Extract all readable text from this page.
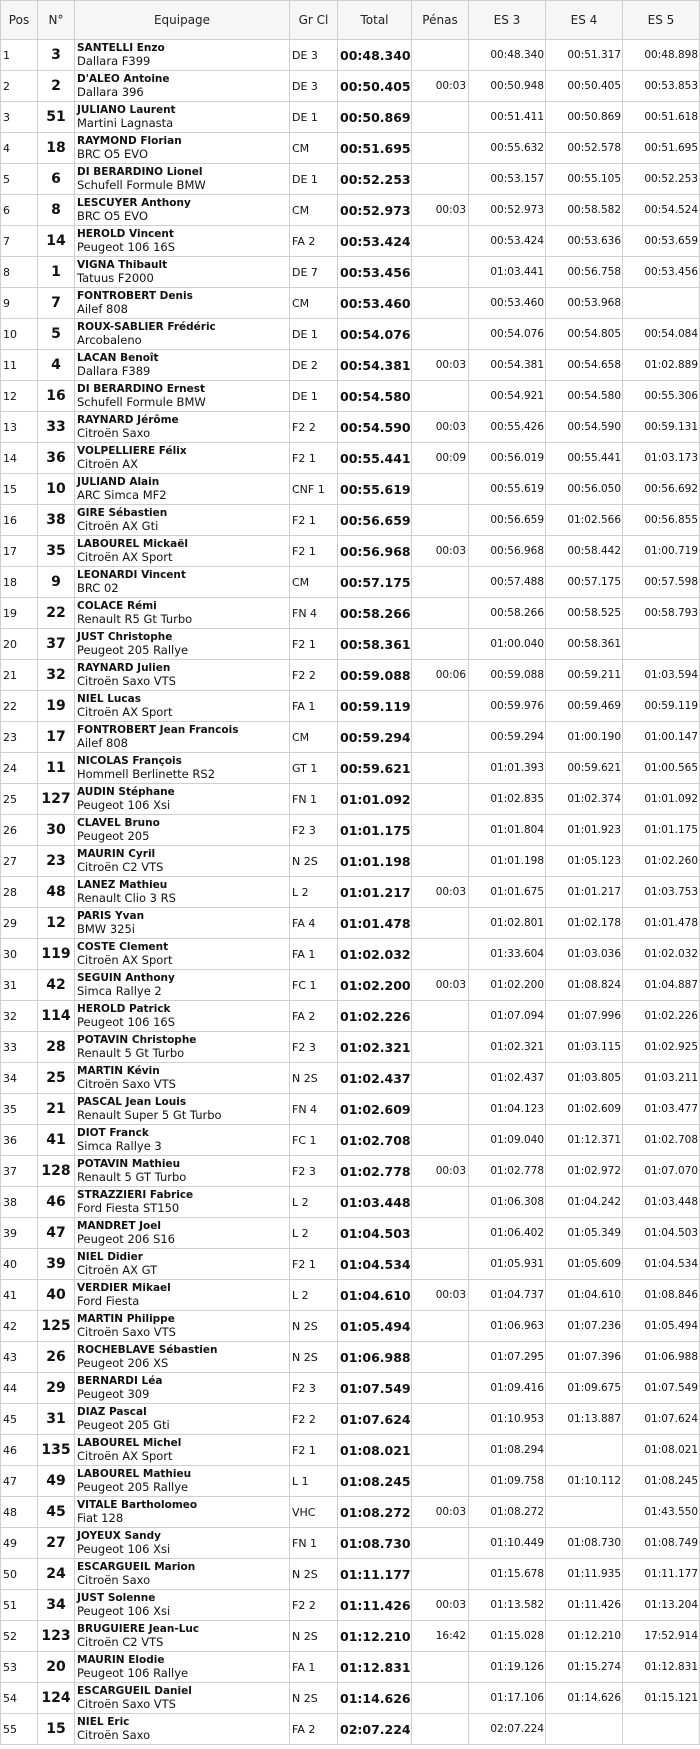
Pos	N°	Equipage	Gr Cl	Total	Pénas	ES 3	ES 4	ES 5
1	3	SANTELLI Enzo
Dallara F399	DE 3	00:48.340		00:48.340	00:51.317	00:48.898
2	2	D'ALEO Antoine
Dallara 396	DE 3	00:50.405	00:03	00:50.948	00:50.405	00:53.853
3	51	JULIANO Laurent
Martini Lagnasta	DE 1	00:50.869		00:51.411	00:50.869	00:51.618
4	18	RAYMOND Florian
BRC O5 EVO	CM	00:51.695		00:55.632	00:52.578	00:51.695
5	6	DI BERARDINO Lionel
Schufell Formule BMW	DE 1	00:52.253		00:53.157	00:55.105	00:52.253
6	8	LESCUYER Anthony
BRC O5 EVO	CM	00:52.973	00:03	00:52.973	00:58.582	00:54.524
7	14	HEROLD Vincent
Peugeot 106 16S	FA 2	00:53.424		00:53.424	00:53.636	00:53.659
8	1	VIGNA Thibault
Tatuus F2000	DE 7	00:53.456		01:03.441	00:56.758	00:53.456
9	7	FONTROBERT Denis
Ailef 808	CM	00:53.460		00:53.460	00:53.968	
10	5	ROUX-SABLIER Frédéric
Arcobaleno	DE 1	00:54.076		00:54.076	00:54.805	00:54.084
11	4	LACAN Benoît
Dallara F389	DE 2	00:54.381	00:03	00:54.381	00:54.658	01:02.889
12	16	DI BERARDINO Ernest
Schufell Formule BMW	DE 1	00:54.580		00:54.921	00:54.580	00:55.306
13	33	RAYNARD Jérôme
Citroën Saxo	F2 2	00:54.590	00:03	00:55.426	00:54.590	00:59.131
14	36	VOLPELLIERE Félix
Citroën AX	F2 1	00:55.441	00:09	00:56.019	00:55.441	01:03.173
15	10	JULIAND Alain
ARC Simca MF2	CNF 1	00:55.619		00:55.619	00:56.050	00:56.692
16	38	GIRE Sébastien
Citroën AX Gti	F2 1	00:56.659		00:56.659	01:02.566	00:56.855
17	35	LABOUREL Mickaël
Citroën AX Sport	F2 1	00:56.968	00:03	00:56.968	00:58.442	01:00.719
18	9	LEONARDI Vincent
BRC 02	CM	00:57.175		00:57.488	00:57.175	00:57.598
19	22	COLACE Rémi
Renault R5 Gt Turbo	FN 4	00:58.266		00:58.266	00:58.525	00:58.793
20	37	JUST Christophe
Peugeot 205 Rallye	F2 1	00:58.361		01:00.040	00:58.361	
21	32	RAYNARD Julien
Citroën Saxo VTS	F2 2	00:59.088	00:06	00:59.088	00:59.211	01:03.594
22	19	NIEL Lucas
Citroën AX Sport	FA 1	00:59.119		00:59.976	00:59.469	00:59.119
23	17	FONTROBERT Jean Francois
Ailef 808	CM	00:59.294		00:59.294	01:00.190	01:00.147
24	11	NICOLAS François
Hommell Berlinette RS2	GT 1	00:59.621		01:01.393	00:59.621	01:00.565
25	127	AUDIN Stéphane
Peugeot 106 Xsi	FN 1	01:01.092		01:02.835	01:02.374	01:01.092
26	30	CLAVEL Bruno
Peugeot 205	F2 3	01:01.175		01:01.804	01:01.923	01:01.175
27	23	MAURIN Cyril
Citroën C2 VTS	N 2S	01:01.198		01:01.198	01:05.123	01:02.260
28	48	LANEZ Mathieu
Renault Clio 3 RS	L 2	01:01.217	00:03	01:01.675	01:01.217	01:03.753
29	12	PARIS Yvan
BMW 325i	FA 4	01:01.478		01:02.801	01:02.178	01:01.478
30	119	COSTE Clement
Citroën AX Sport	FA 1	01:02.032		01:33.604	01:03.036	01:02.032
31	42	SEGUIN Anthony
Simca Rallye 2	FC 1	01:02.200	00:03	01:02.200	01:08.824	01:04.887
32	114	HEROLD Patrick
Peugeot 106 16S	FA 2	01:02.226		01:07.094	01:07.996	01:02.226
33	28	POTAVIN Christophe
Renault 5 Gt Turbo	F2 3	01:02.321		01:02.321	01:03.115	01:02.925
34	25	MARTIN Kévin
Citroën Saxo VTS	N 2S	01:02.437		01:02.437	01:03.805	01:03.211
35	21	PASCAL Jean Louis
Renault Super 5 Gt Turbo	FN 4	01:02.609		01:04.123	01:02.609	01:03.477
36	41	DIOT Franck
Simca Rallye 3	FC 1	01:02.708		01:09.040	01:12.371	01:02.708
37	128	POTAVIN Mathieu
Renault 5 GT Turbo	F2 3	01:02.778	00:03	01:02.778	01:02.972	01:07.070
38	46	STRAZZIERI Fabrice
Ford Fiesta ST150	L 2	01:03.448		01:06.308	01:04.242	01:03.448
39	47	MANDRET Joel
Peugeot 206 S16	L 2	01:04.503		01:06.402	01:05.349	01:04.503
40	39	NIEL Didier
Citroën AX GT	F2 1	01:04.534		01:05.931	01:05.609	01:04.534
41	40	VERDIER Mikael
Ford Fiesta	L 2	01:04.610	00:03	01:04.737	01:04.610	01:08.846
42	125	MARTIN Philippe
Citroën Saxo VTS	N 2S	01:05.494		01:06.963	01:07.236	01:05.494
43	26	ROCHEBLAVE Sébastien
Peugeot 206 XS	N 2S	01:06.988		01:07.295	01:07.396	01:06.988
44	29	BERNARDI Léa
Peugeot 309	F2 3	01:07.549		01:09.416	01:09.675	01:07.549
45	31	DIAZ Pascal
Peugeot 205 Gti	F2 2	01:07.624		01:10.953	01:13.887	01:07.624
46	135	LABOUREL Michel
Citroën AX Sport	F2 1	01:08.021		01:08.294		01:08.021
47	49	LABOUREL Mathieu
Peugeot 205 Rallye	L 1	01:08.245		01:09.758	01:10.112	01:08.245
48	45	VITALE Bartholomeo
Fiat 128	VHC	01:08.272	00:03	01:08.272		01:43.550
49	27	JOYEUX Sandy
Peugeot 106 Xsi	FN 1	01:08.730		01:10.449	01:08.730	01:08.749
50	24	ESCARGUEIL Marion
Citroën Saxo	N 2S	01:11.177		01:15.678	01:11.935	01:11.177
51	34	JUST Solenne
Peugeot 106 Xsi	F2 2	01:11.426	00:03	01:13.582	01:11.426	01:13.204
52	123	BRUGUIERE Jean-Luc
Citroën C2 VTS	N 2S	01:12.210	16:42	01:15.028	01:12.210	17:52.914
53	20	MAURIN Elodie
Peugeot 106 Rallye	FA 1	01:12.831		01:19.126	01:15.274	01:12.831
54	124	ESCARGUEIL Daniel
Citroën Saxo VTS	N 2S	01:14.626		01:17.106	01:14.626	01:15.121
55	15	NIEL Eric
Citroën Saxo	FA 2	02:07.224		02:07.224		
